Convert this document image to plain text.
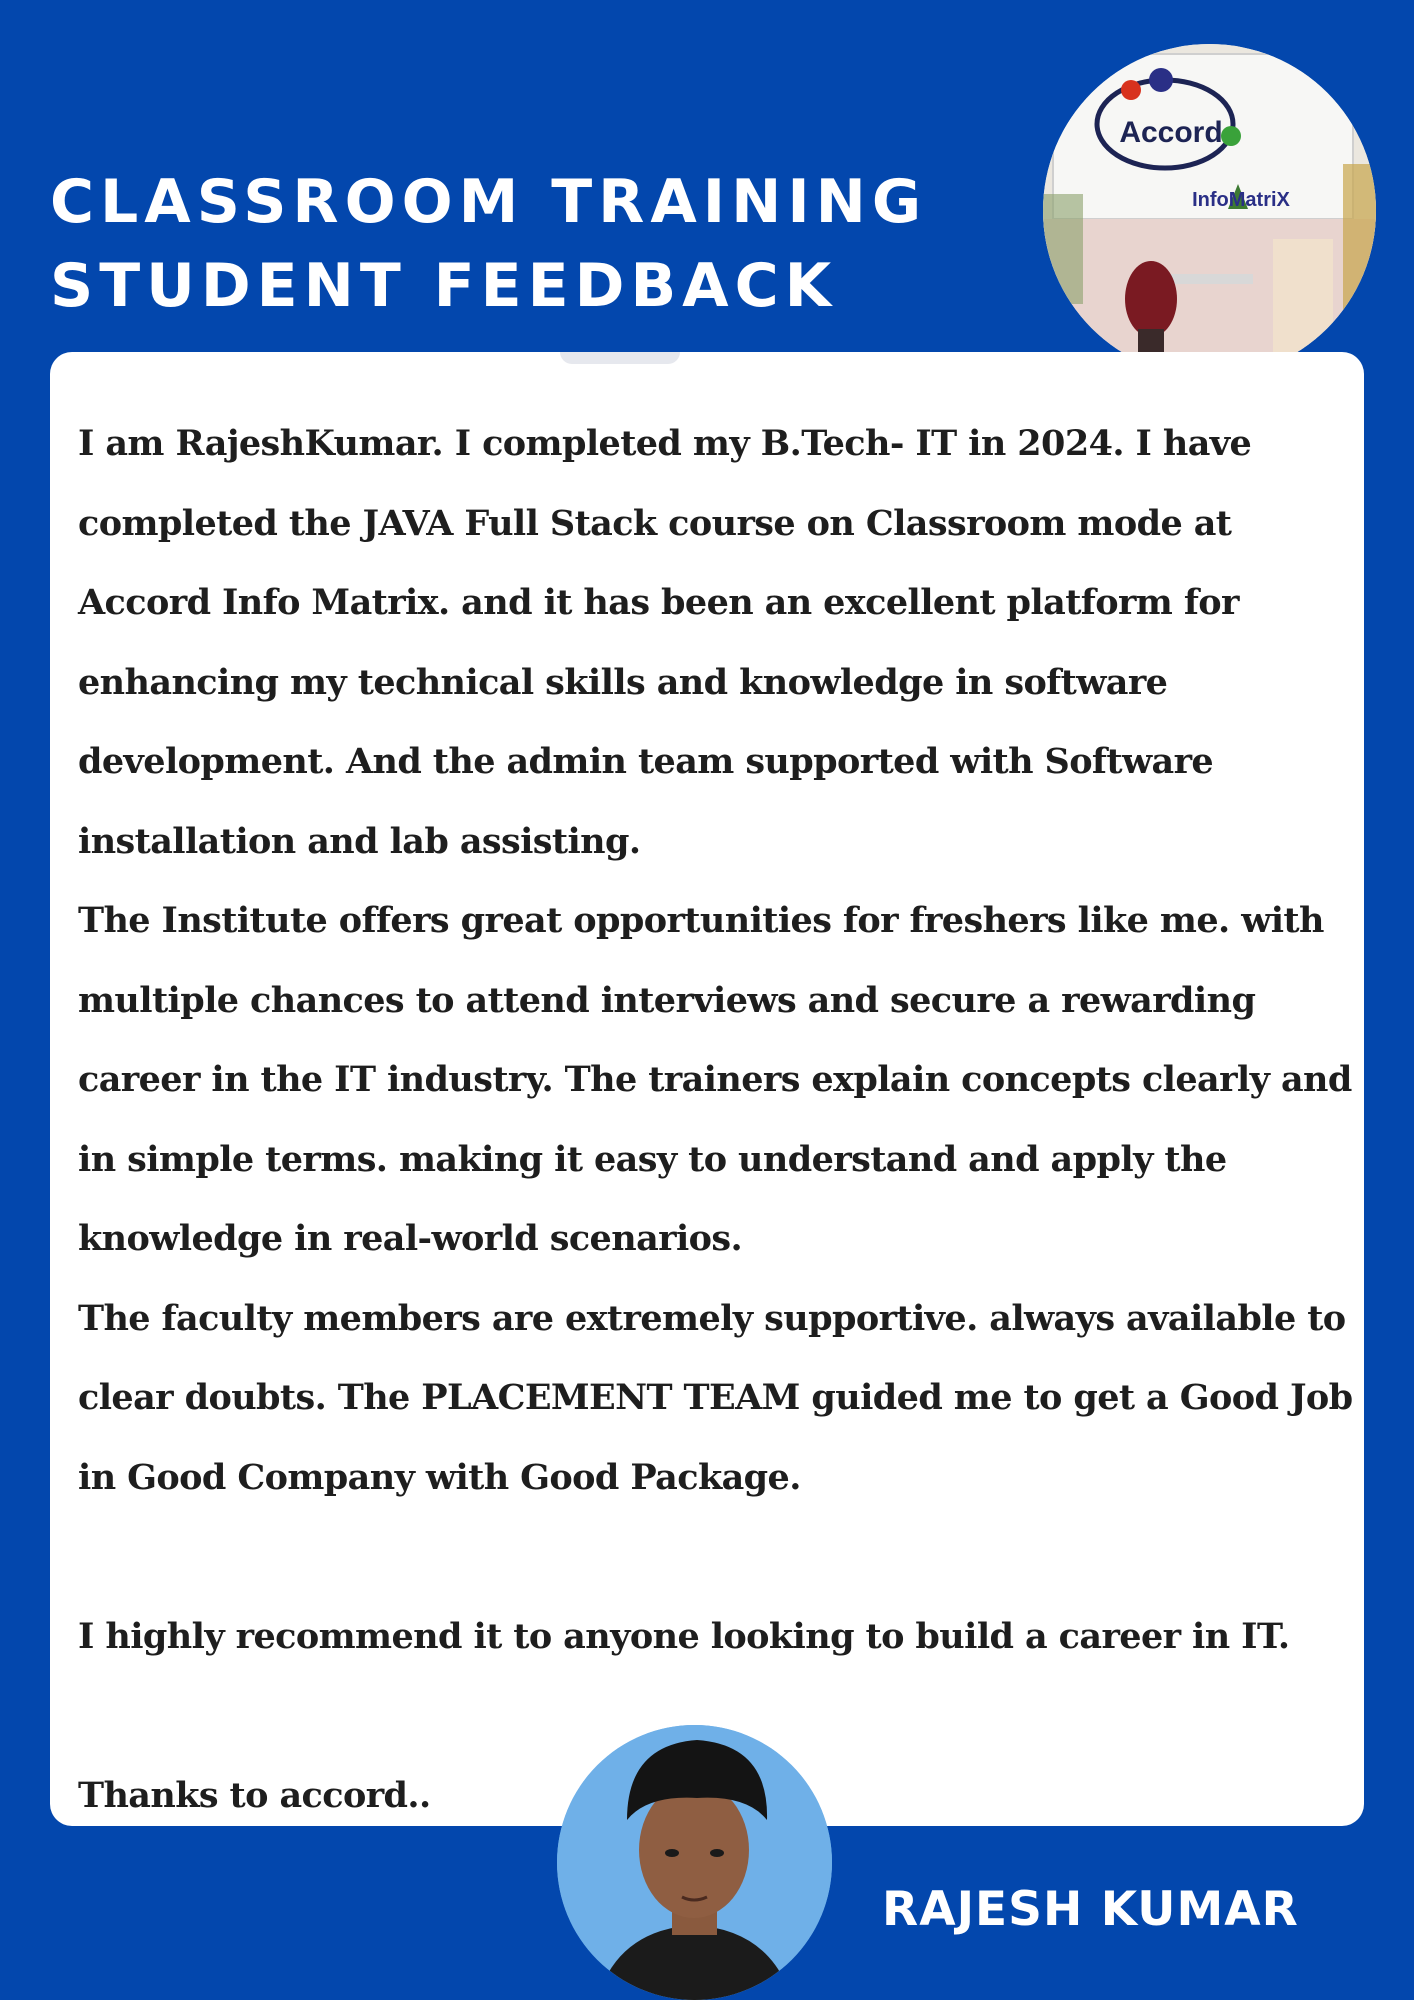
CLASSROOM TRAINING
STUDENT FEEDBACK
Accord
InfoMatriX

I am RajeshKumar. I completed my B.Tech- IT in 2024. I have

completed the JAVA Full Stack course on Classroom mode at

Accord Info Matrix. and it has been an excellent platform for

enhancing my technical skills and knowledge in software

development. And the admin team supported with Software

installation and lab assisting.

The Institute offers great opportunities for freshers like me. with

multiple chances to attend interviews and secure a rewarding

career in the IT industry. The trainers explain concepts clearly and

in simple terms. making it easy to understand and apply the

knowledge in real-world scenarios.

The faculty members are extremely supportive. always available to

clear doubts. The PLACEMENT TEAM guided me to get a Good Job

in Good Company with Good Package.

I highly recommend it to anyone looking to build a career in IT.

Thanks to accord..

RAJESH KUMAR
